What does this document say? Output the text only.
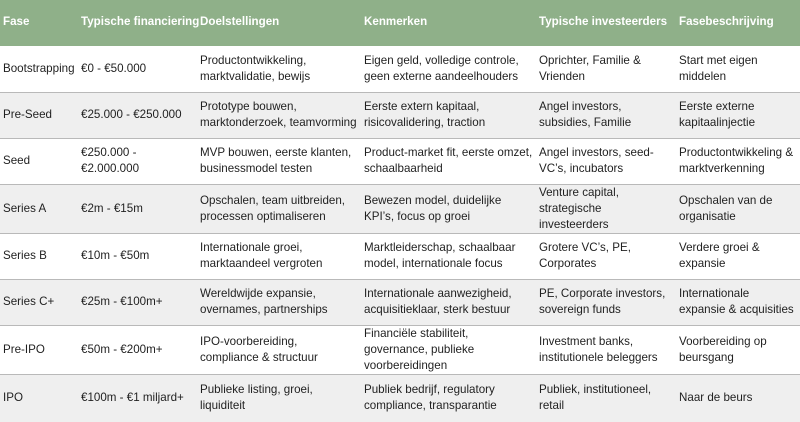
Fase	Typische financiering	Doelstellingen	Kenmerken	Typische investeerders	Fasebeschrijving
Bootstrapping	€0 - €50.000	Productontwikkeling, marktvalidatie, bewijs	Eigen geld, volledige controle, geen externe aandeelhouders	Oprichter, Familie & Vrienden	Start met eigen middelen
Pre-Seed	€25.000 - €250.000	Prototype bouwen, marktonderzoek, teamvorming	Eerste extern kapitaal, risicovalidering, traction	Angel investors, subsidies, Familie	Eerste externe kapitaalinjectie
Seed	€250.000 - €2.000.000	MVP bouwen, eerste klanten, businessmodel testen	Product-market fit, eerste omzet, schaalbaarheid	Angel investors, seed-VC’s, incubators	Productontwikkeling & marktverkenning
Series A	€2m - €15m	Opschalen, team uitbreiden, processen optimaliseren	Bewezen model, duidelijke KPI’s, focus op groei	Venture capital, strategische investeerders	Opschalen van de organisatie
Series B	€10m - €50m	Internationale groei, marktaandeel vergroten	Marktleiderschap, schaalbaar model, internationale focus	Grotere VC’s, PE, Corporates	Verdere groei & expansie
Series C+	€25m - €100m+	Wereldwijde expansie, overnames, partnerships	Internationale aanwezigheid, acquisitieklaar, sterk bestuur	PE, Corporate investors, sovereign funds	Internationale expansie & acquisities
Pre-IPO	€50m - €200m+	IPO-voorbereiding, compliance & structuur	Financiële stabiliteit, governance, publieke voorbereidingen	Investment banks, institutionele beleggers	Voorbereiding op beursgang
IPO	€100m - €1 miljard+	Publieke listing, groei, liquiditeit	Publiek bedrijf, regulatory compliance, transparantie	Publiek, institutioneel, retail	Naar de beurs
